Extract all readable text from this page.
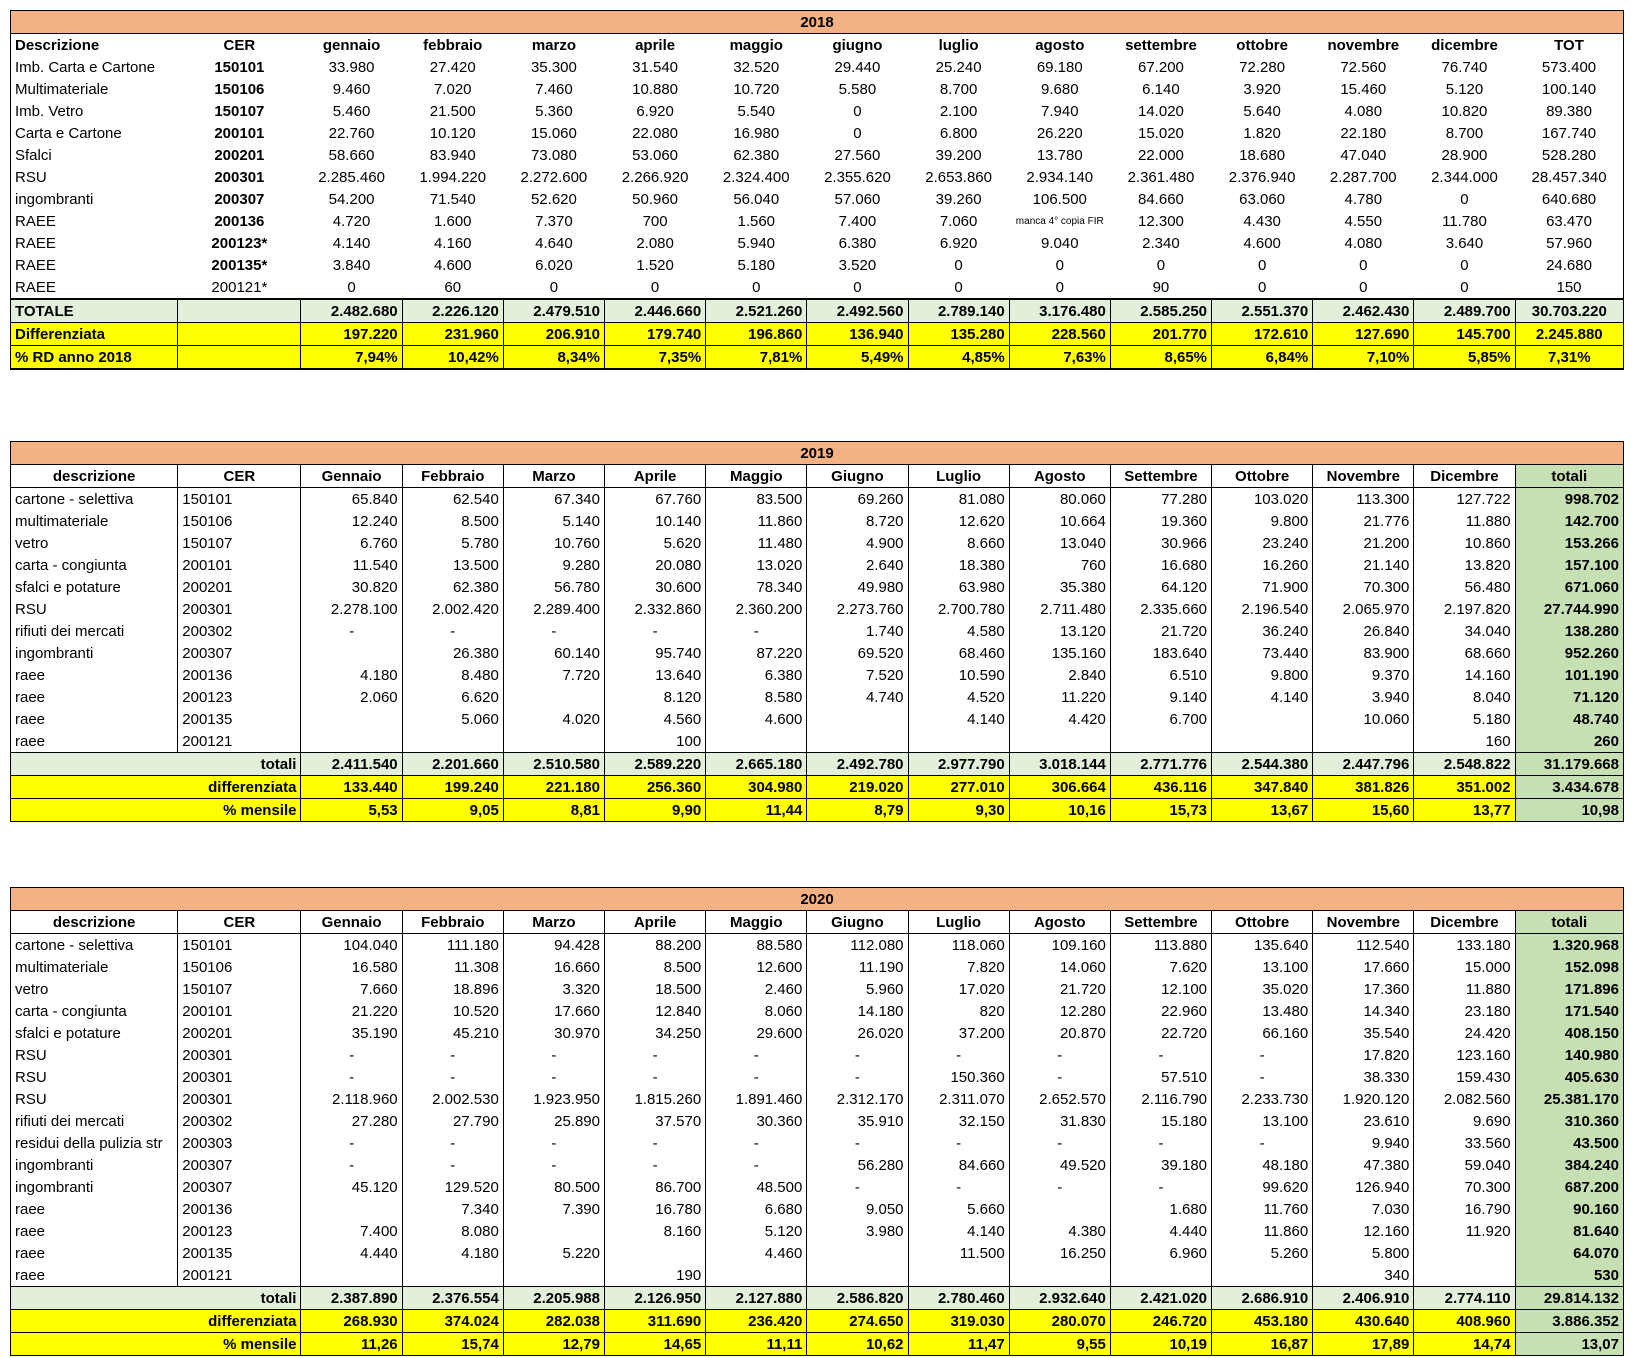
2018														
Descrizione	CER	gennaio	febbraio	marzo	aprile	maggio	giugno	luglio	agosto	settembre	ottobre	novembre	dicembre	TOT
Imb. Carta e Cartone	150101	33.980	27.420	35.300	31.540	32.520	29.440	25.240	69.180	67.200	72.280	72.560	76.740	573.400
Multimateriale	150106	9.460	7.020	7.460	10.880	10.720	5.580	8.700	9.680	6.140	3.920	15.460	5.120	100.140
Imb. Vetro	150107	5.460	21.500	5.360	6.920	5.540	0	2.100	7.940	14.020	5.640	4.080	10.820	89.380
Carta e Cartone	200101	22.760	10.120	15.060	22.080	16.980	0	6.800	26.220	15.020	1.820	22.180	8.700	167.740
Sfalci	200201	58.660	83.940	73.080	53.060	62.380	27.560	39.200	13.780	22.000	18.680	47.040	28.900	528.280
RSU	200301	2.285.460	1.994.220	2.272.600	2.266.920	2.324.400	2.355.620	2.653.860	2.934.140	2.361.480	2.376.940	2.287.700	2.344.000	28.457.340
ingombranti	200307	54.200	71.540	52.620	50.960	56.040	57.060	39.260	106.500	84.660	63.060	4.780	0	640.680
RAEE	200136	4.720	1.600	7.370	700	1.560	7.400	7.060	manca 4° copia FIR	12.300	4.430	4.550	11.780	63.470
RAEE	200123*	4.140	4.160	4.640	2.080	5.940	6.380	6.920	9.040	2.340	4.600	4.080	3.640	57.960
RAEE	200135*	3.840	4.600	6.020	1.520	5.180	3.520	0	0	0	0	0	0	24.680
RAEE	200121*	0	60	0	0	0	0	0	0	90	0	0	0	150
TOTALE		2.482.680	2.226.120	2.479.510	2.446.660	2.521.260	2.492.560	2.789.140	3.176.480	2.585.250	2.551.370	2.462.430	2.489.700	30.703.220
Differenziata		197.220	231.960	206.910	179.740	196.860	136.940	135.280	228.560	201.770	172.610	127.690	145.700	2.245.880
% RD anno 2018		7,94%	10,42%	8,34%	7,35%	7,81%	5,49%	4,85%	7,63%	8,65%	6,84%	7,10%	5,85%	7,31%
2019														
descrizione	CER	Gennaio	Febbraio	Marzo	Aprile	Maggio	Giugno	Luglio	Agosto	Settembre	Ottobre	Novembre	Dicembre	totali
cartone - selettiva	150101	65.840	62.540	67.340	67.760	83.500	69.260	81.080	80.060	77.280	103.020	113.300	127.722	998.702
multimateriale	150106	12.240	8.500	5.140	10.140	11.860	8.720	12.620	10.664	19.360	9.800	21.776	11.880	142.700
vetro	150107	6.760	5.780	10.760	5.620	11.480	4.900	8.660	13.040	30.966	23.240	21.200	10.860	153.266
carta - congiunta	200101	11.540	13.500	9.280	20.080	13.020	2.640	18.380	760	16.680	16.260	21.140	13.820	157.100
sfalci e potature	200201	30.820	62.380	56.780	30.600	78.340	49.980	63.980	35.380	64.120	71.900	70.300	56.480	671.060
RSU	200301	2.278.100	2.002.420	2.289.400	2.332.860	2.360.200	2.273.760	2.700.780	2.711.480	2.335.660	2.196.540	2.065.970	2.197.820	27.744.990
rifiuti dei mercati	200302	-	-	-	-	-	1.740	4.580	13.120	21.720	36.240	26.840	34.040	138.280
ingombranti	200307		26.380	60.140	95.740	87.220	69.520	68.460	135.160	183.640	73.440	83.900	68.660	952.260
raee	200136	4.180	8.480	7.720	13.640	6.380	7.520	10.590	2.840	6.510	9.800	9.370	14.160	101.190
raee	200123	2.060	6.620		8.120	8.580	4.740	4.520	11.220	9.140	4.140	3.940	8.040	71.120
raee	200135		5.060	4.020	4.560	4.600		4.140	4.420	6.700		10.060	5.180	48.740
raee	200121				100								160	260
totali		2.411.540	2.201.660	2.510.580	2.589.220	2.665.180	2.492.780	2.977.790	3.018.144	2.771.776	2.544.380	2.447.796	2.548.822	31.179.668
differenziata		133.440	199.240	221.180	256.360	304.980	219.020	277.010	306.664	436.116	347.840	381.826	351.002	3.434.678
% mensile		5,53	9,05	8,81	9,90	11,44	8,79	9,30	10,16	15,73	13,67	15,60	13,77	10,98
2020														
descrizione	CER	Gennaio	Febbraio	Marzo	Aprile	Maggio	Giugno	Luglio	Agosto	Settembre	Ottobre	Novembre	Dicembre	totali
cartone - selettiva	150101	104.040	111.180	94.428	88.200	88.580	112.080	118.060	109.160	113.880	135.640	112.540	133.180	1.320.968
multimateriale	150106	16.580	11.308	16.660	8.500	12.600	11.190	7.820	14.060	7.620	13.100	17.660	15.000	152.098
vetro	150107	7.660	18.896	3.320	18.500	2.460	5.960	17.020	21.720	12.100	35.020	17.360	11.880	171.896
carta - congiunta	200101	21.220	10.520	17.660	12.840	8.060	14.180	820	12.280	22.960	13.480	14.340	23.180	171.540
sfalci e potature	200201	35.190	45.210	30.970	34.250	29.600	26.020	37.200	20.870	22.720	66.160	35.540	24.420	408.150
RSU	200301	-	-	-	-	-	-	-	-	-	-	17.820	123.160	140.980
RSU	200301	-	-	-	-	-	-	150.360	-	57.510	-	38.330	159.430	405.630
RSU	200301	2.118.960	2.002.530	1.923.950	1.815.260	1.891.460	2.312.170	2.311.070	2.652.570	2.116.790	2.233.730	1.920.120	2.082.560	25.381.170
rifiuti dei mercati	200302	27.280	27.790	25.890	37.570	30.360	35.910	32.150	31.830	15.180	13.100	23.610	9.690	310.360
residui della pulizia str	200303	-	-	-	-	-	-	-	-	-	-	9.940	33.560	43.500
ingombranti	200307	-	-	-	-	-	56.280	84.660	49.520	39.180	48.180	47.380	59.040	384.240
ingombranti	200307	45.120	129.520	80.500	86.700	48.500	-	-	-	-	99.620	126.940	70.300	687.200
raee	200136		7.340	7.390	16.780	6.680	9.050	5.660		1.680	11.760	7.030	16.790	90.160
raee	200123	7.400	8.080		8.160	5.120	3.980	4.140	4.380	4.440	11.860	12.160	11.920	81.640
raee	200135	4.440	4.180	5.220		4.460		11.500	16.250	6.960	5.260	5.800		64.070
raee	200121				190							340		530
totali		2.387.890	2.376.554	2.205.988	2.126.950	2.127.880	2.586.820	2.780.460	2.932.640	2.421.020	2.686.910	2.406.910	2.774.110	29.814.132
differenziata		268.930	374.024	282.038	311.690	236.420	274.650	319.030	280.070	246.720	453.180	430.640	408.960	3.886.352
% mensile		11,26	15,74	12,79	14,65	11,11	10,62	11,47	9,55	10,19	16,87	17,89	14,74	13,07
